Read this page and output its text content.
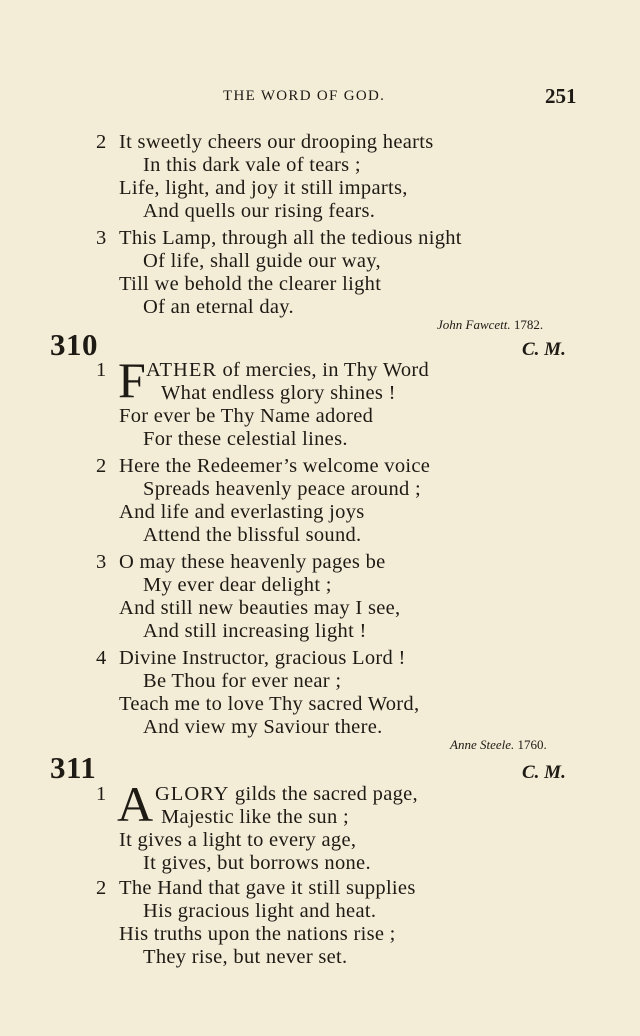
THE WORD OF GOD.	251
2 It sweetly cheers our drooping hearts
In this dark vale of tears ;
Life, light, and joy it still imparts,
And quells our rising fears.
3 This Lamp, through all the tedious night
Of life, shall guide our way,
Till we behold the clearer light
Of an eternal day.
John Fawcett. 1782.
310	C. M.
1 F ATHER of mercies, in Thy Word
What endless glory shines !
For ever be Thy Name adored
For these celestial lines.
2 Here the Redeemer’s welcome voice
Spreads heavenly peace around ;
And life and everlasting joys
Attend the blissful sound.
3 O may these heavenly pages be
My ever dear delight ;
And still new beauties may I see,
And still increasing light !
4 Divine Instructor, gracious Lord !
Be Thou for ever near ;
Teach me to love Thy sacred Word,
And view my Saviour there.
Anne Steele. 1760.
311	C. M.
1 A GLORY gilds the sacred page,
Majestic like the sun ;
It gives a light to every age,
It gives, but borrows none.
2 The Hand that gave it still supplies
His gracious light and heat.
His truths upon the nations rise ;
They rise, but never set.
